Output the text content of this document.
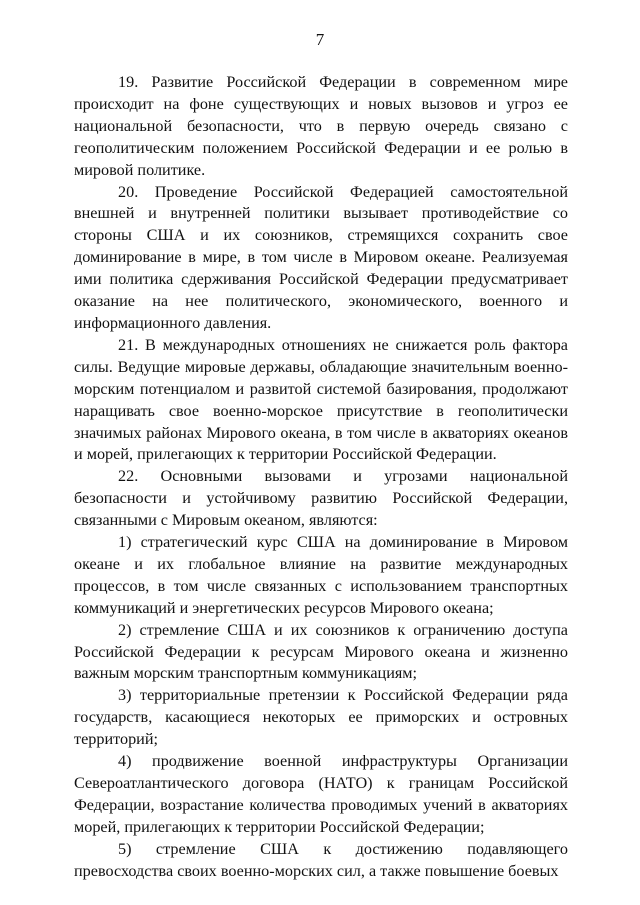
7

19. Развитие Российской Федерации в современном мире происходит на фоне существующих и новых вызовов и угроз ее национальной безопасности, что в первую очередь связано с геополитическим положением Российской Федерации и ее ролью в мировой политике.

20. Проведение Российской Федерацией самостоятельной внешней и внутренней политики вызывает противодействие со стороны США и их союзников, стремящихся сохранить свое доминирование в мире, в том числе в Мировом океане. Реализуемая ими политика сдерживания Российской Федерации предусматривает оказание на нее политического, экономического, военного и информационного давления.

21. В международных отношениях не снижается роль фактора силы. Ведущие мировые державы, обладающие значительным военно-морским потенциалом и развитой системой базирования, продолжают наращивать свое военно-морское присутствие в геополитически значимых районах Мирового океана, в том числе в акваториях океанов и морей, прилегающих к территории Российской Федерации.

22. Основными вызовами и угрозами национальной безопасности и устойчивому развитию Российской Федерации, связанными с Мировым океаном, являются:

1) стратегический курс США на доминирование в Мировом океане и их глобальное влияние на развитие международных процессов, в том числе связанных с использованием транспортных коммуникаций и энергетических ресурсов Мирового океана;

2) стремление США и их союзников к ограничению доступа Российской Федерации к ресурсам Мирового океана и жизненно важным морским транспортным коммуникациям;

3) территориальные претензии к Российской Федерации ряда государств, касающиеся некоторых ее приморских и островных территорий;

4) продвижение военной инфраструктуры Организации Североатлантического договора (НАТО) к границам Российской Федерации, возрастание количества проводимых учений в акваториях морей, прилегающих к территории Российской Федерации;

5) стремление США к достижению подавляющего превосходства своих военно-морских сил, а также повышение боевых
